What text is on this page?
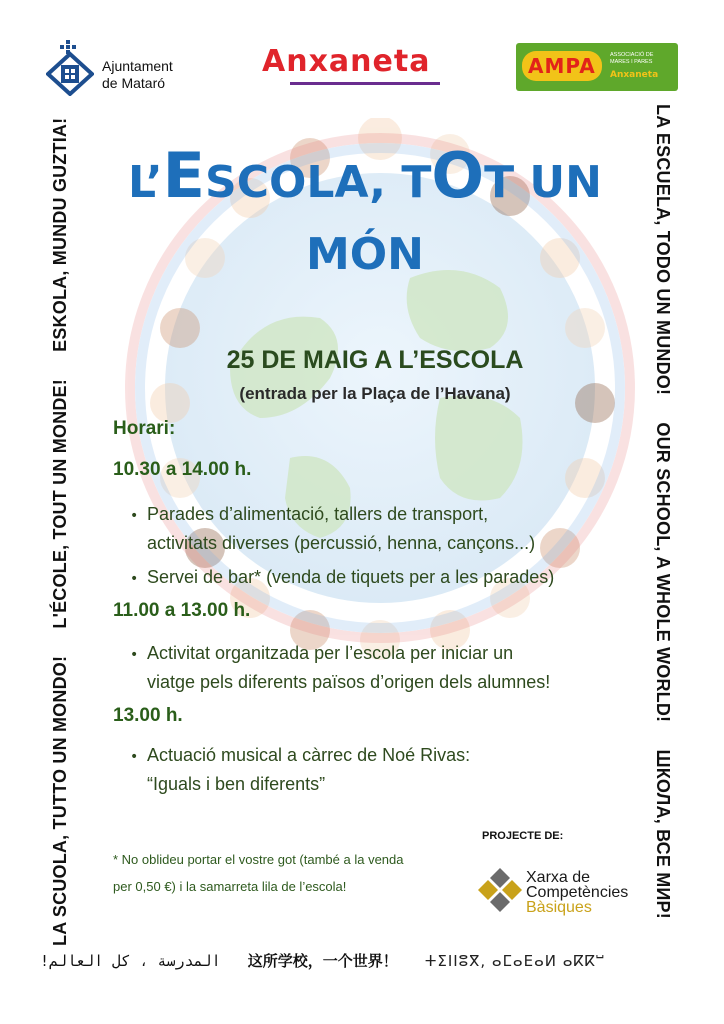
Ajuntament
de Mataró
Anxaneta	AMPA	ASSOCIACIÓ DE MARES I PARES
Anxaneta
LA SCUOLA, TUTTO UN MONDO! L'ÉCOLE, TOUT UN MONDE! ESKOLA, MUNDU GUZTIA!	LA ESCUELA, TODO UN MUNDO! OUR SCHOOL, A WHOLE WORLD! ШКОЛА, ВСЕ МИР!
L’ESCOLA, TOT UN
MÓN
25 DE MAIG A L’ESCOLA
(entrada per la Plaça de l’Havana)
Horari:
10.30 a 14.00 h.
• Parades d’alimentació, tallers de transport,
activitats diverses (percussió, henna, cançons...)
• Servei de bar* (venda de tiquets per a les parades)
11.00 a 13.00 h.
• Activitat organitzada per l’escola per iniciar un
viatge pels diferents països d’origen dels alumnes!
13.00 h.
• Actuació musical a càrrec de Noé Rivas:
“Iguals i ben diferents”
* No oblideu portar el vostre got (també a la venda
per 0,50 €) i la samarreta lila de l’escola!
PROJECTE DE:
Xarxa de
Competències
Bàsiques
المدرسة ، كل العالم! 这所学校，一个世界！ ⵜⵉⵏⵏⵓⴳ, ⴰⵎⴰⴹⴰⵍ ⴰⴽⴽⵯ
